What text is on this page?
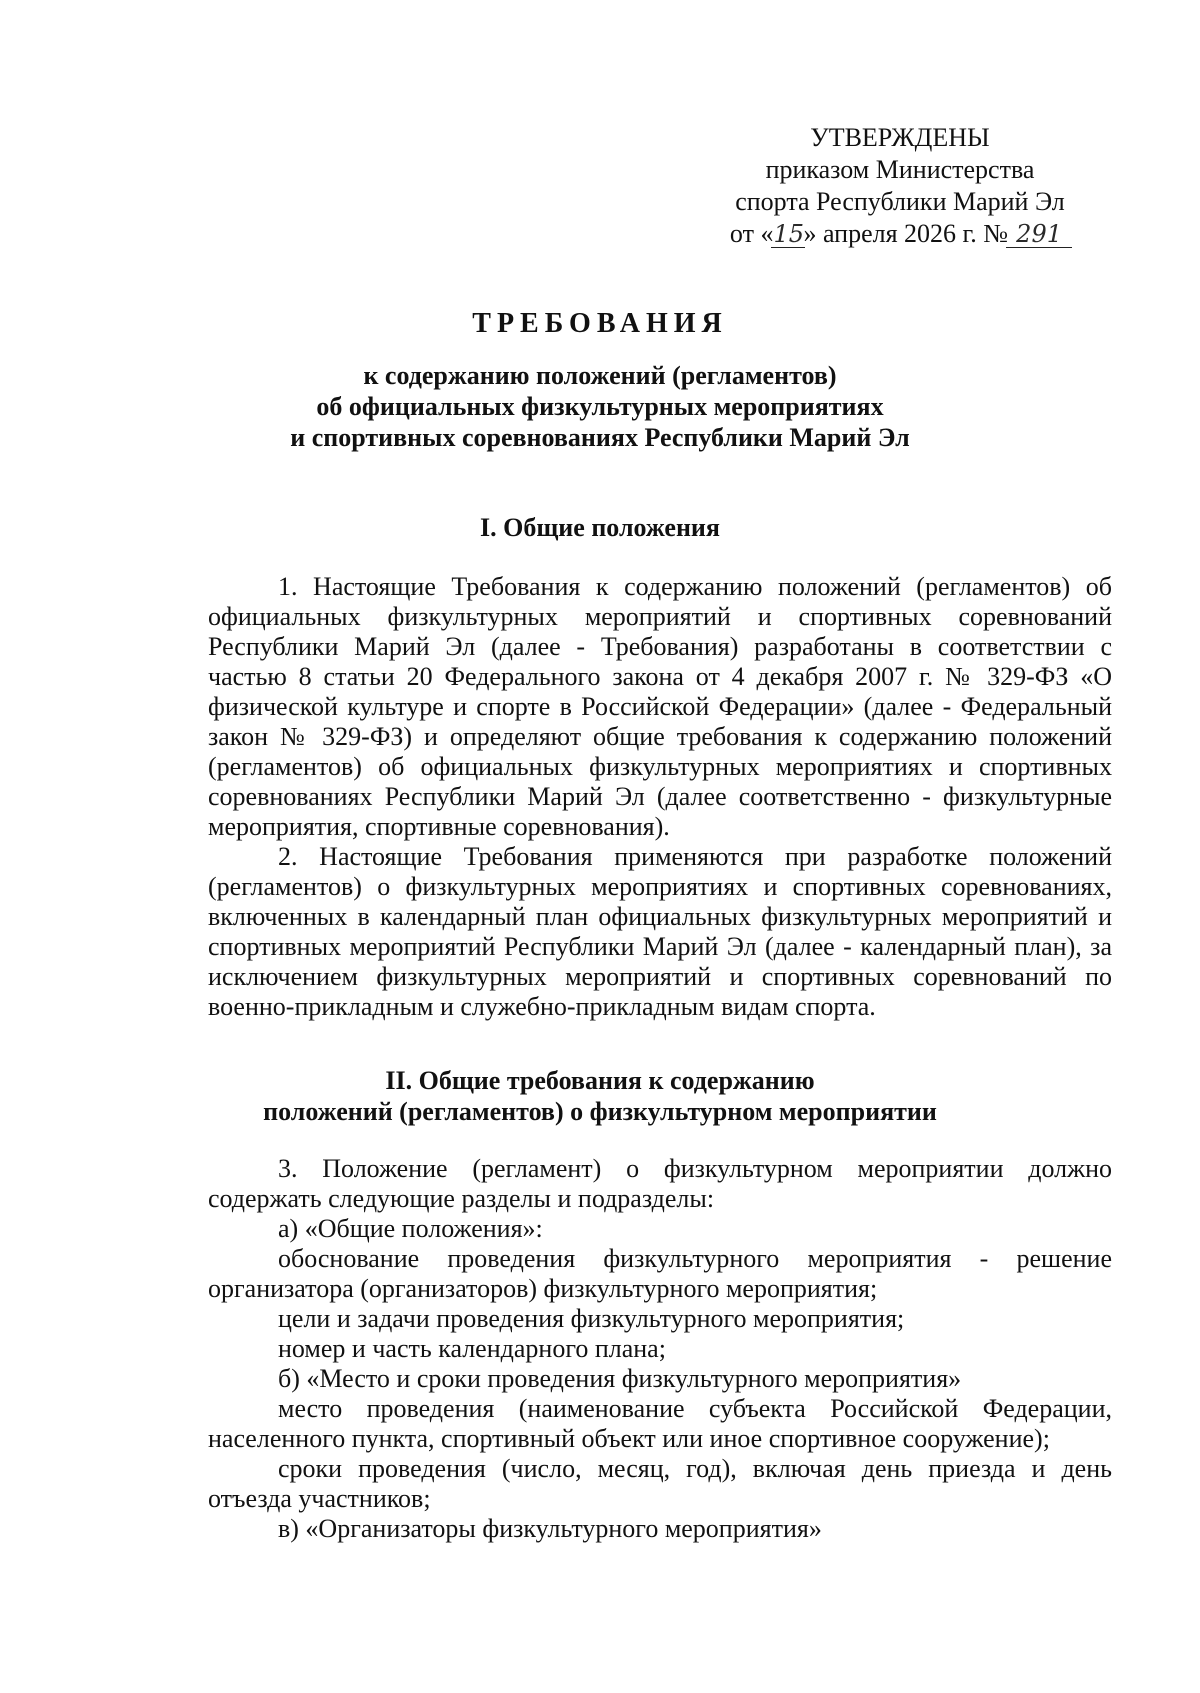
УТВЕРЖДЕНЫ
приказом Министерства
спорта Республики Марий Эл
от «15» апреля 2026 г. № 291
ТРЕБОВАНИЯ
к содержанию положений (регламентов)
об официальных физкультурных мероприятиях
и спортивных соревнованиях Республики Марий Эл
I. Общие положения

1. Настоящие Требования к содержанию положений (регламентов) об официальных физкультурных мероприятий и спортивных соревнований Республики Марий Эл (далее - Требования) разработаны в соответствии с частью 8 статьи 20 Федерального закона от 4 декабря 2007 г. № 329-ФЗ «О физической культуре и спорте в Российской Федерации» (далее - Федеральный закон № 329-ФЗ) и определяют общие требования к содержанию положений (регламентов) об официальных физкультурных мероприятиях и спортивных соревнованиях Республики Марий Эл (далее соответственно - физкультурные мероприятия, спортивные соревнования).

2. Настоящие Требования применяются при разработке положений (регламентов) о физкультурных мероприятиях и спортивных соревнованиях, включенных в календарный план официальных физкультурных мероприятий и спортивных мероприятий Республики Марий Эл (далее - календарный план), за исключением физкультурных мероприятий и спортивных соревнований по военно-прикладным и служебно-прикладным видам спорта.

II. Общие требования к содержанию
положений (регламентов) о физкультурном мероприятии

3. Положение (регламент) о физкультурном мероприятии должно содержать следующие разделы и подразделы:

а) «Общие положения»:

обоснование проведения физкультурного мероприятия - решение организатора (организаторов) физкультурного мероприятия;

цели и задачи проведения физкультурного мероприятия;

номер и часть календарного плана;

б) «Место и сроки проведения физкультурного мероприятия»

место проведения (наименование субъекта Российской Федерации, населенного пункта, спортивный объект или иное спортивное сооружение);

сроки проведения (число, месяц, год), включая день приезда и день отъезда участников;

в) «Организаторы физкультурного мероприятия»
